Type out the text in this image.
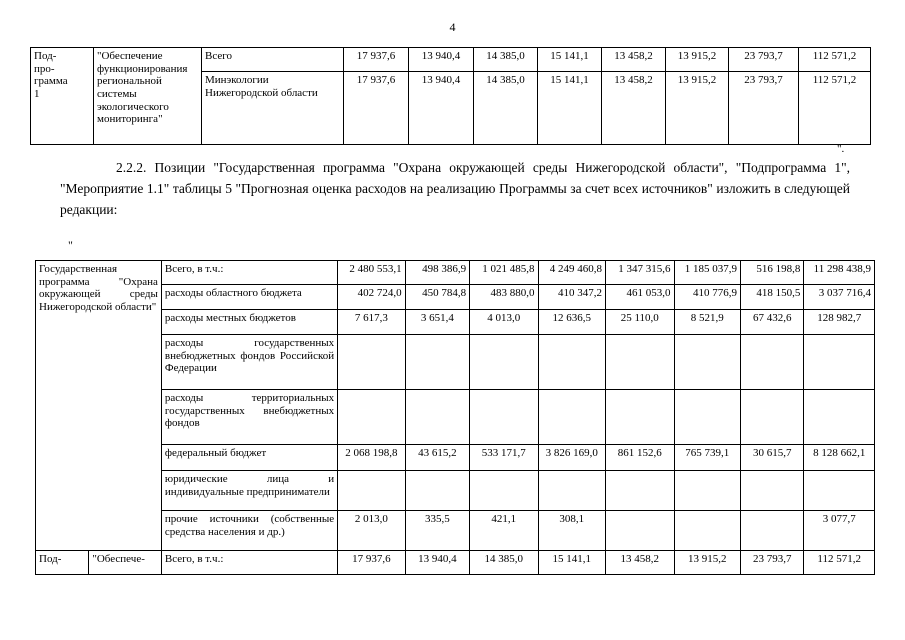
4
Под-
про-
грамма
1	"Обеспечение функционирования региональной системы экологического мониторинга"	Всего	17 937,6	13 940,4	14 385,0	15 141,1	13 458,2	13 915,2	23 793,7	112 571,2
		Минэкологии Нижегородской области	17 937,6	13 940,4	14 385,0	15 141,1	13 458,2	13 915,2	23 793,7	112 571,2
".
2.2.2. Позиции "Государственная программа "Охрана окружающей среды Нижегородской области", "Подпрограмма 1", "Мероприятие 1.1" таблицы 5 "Прогнозная оценка расходов на реализацию Программы за счет всех источников" изложить в следующей редакции:
"
Государственная программа "Охрана окружающей среды Нижегородской области"		Всего, в т.ч.:	2 480 553,1	498 386,9	1 021 485,8	4 249 460,8	1 347 315,6	1 185 037,9	516 198,8	11 298 438,9
		расходы областного бюджета	402 724,0	450 784,8	483 880,0	410 347,2	461 053,0	410 776,9	418 150,5	3 037 716,4
		расходы местных бюджетов	7 617,3	3 651,4	4 013,0	12 636,5	25 110,0	8 521,9	67 432,6	128 982,7
		расходы государственных внебюджетных фондов Российской Федерации								
		расходы территориальных государственных внебюджетных фондов								
		федеральный бюджет	2 068 198,8	43 615,2	533 171,7	3 826 169,0	861 152,6	765 739,1	30 615,7	8 128 662,1
		юридические лица и индивидуальные предприниматели								
		прочие источники (собственные средства населения и др.)	2 013,0	335,5	421,1	308,1				3 077,7
Под-	"Обеспече-	Всего, в т.ч.:	17 937,6	13 940,4	14 385,0	15 141,1	13 458,2	13 915,2	23 793,7	112 571,2
